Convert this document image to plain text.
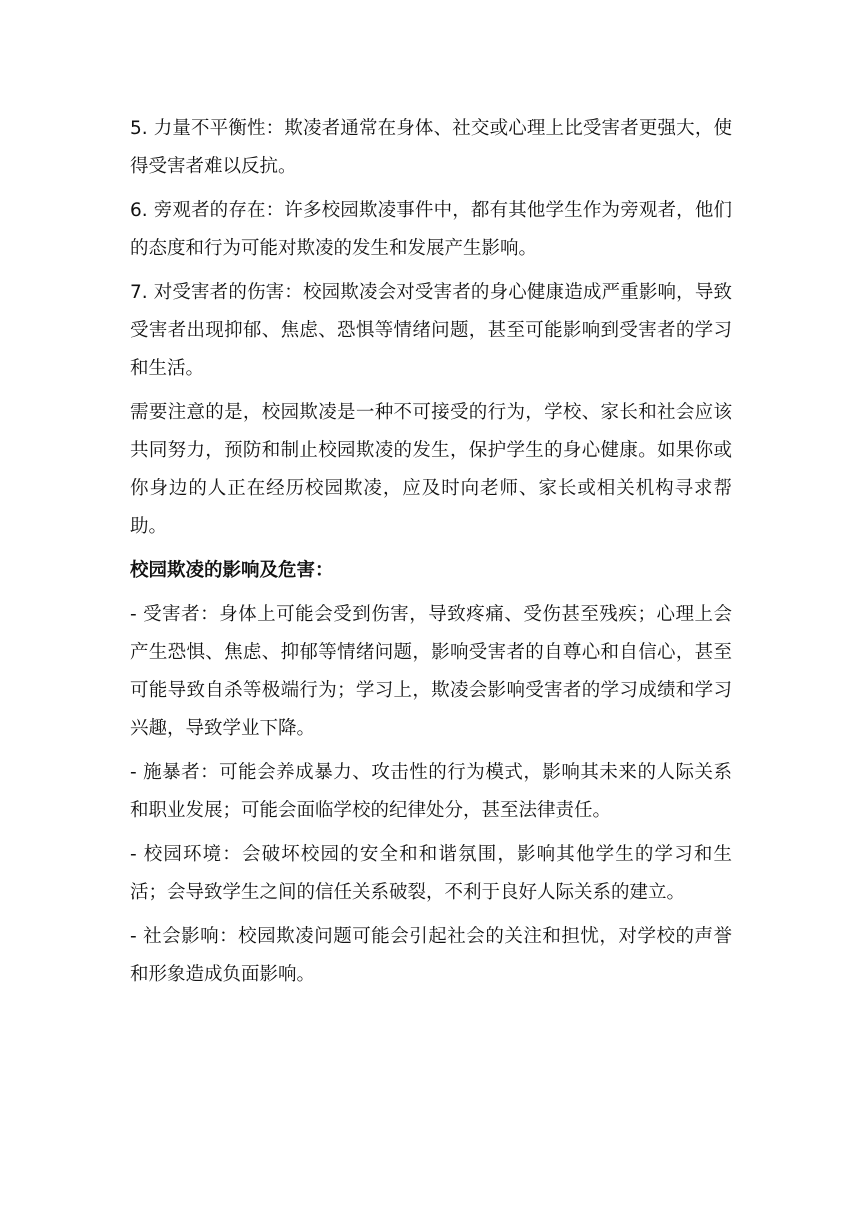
5. 力量不平衡性：欺凌者通常在身体、社交或心理上比受害者更强大，使得受害者难以反抗。

6. 旁观者的存在：许多校园欺凌事件中，都有其他学生作为旁观者，他们的态度和行为可能对欺凌的发生和发展产生影响。

7. 对受害者的伤害：校园欺凌会对受害者的身心健康造成严重影响，导致受害者出现抑郁、焦虑、恐惧等情绪问题，甚至可能影响到受害者的学习和生活。

需要注意的是，校园欺凌是一种不可接受的行为，学校、家长和社会应该共同努力，预防和制止校园欺凌的发生，保护学生的身心健康。如果你或你身边的人正在经历校园欺凌，应及时向老师、家长或相关机构寻求帮助。

校园欺凌的影响及危害：

- 受害者：身体上可能会受到伤害，导致疼痛、受伤甚至残疾；心理上会产生恐惧、焦虑、抑郁等情绪问题，影响受害者的自尊心和自信心，甚至可能导致自杀等极端行为；学习上，欺凌会影响受害者的学习成绩和学习兴趣，导致学业下降。

- 施暴者：可能会养成暴力、攻击性的行为模式，影响其未来的人际关系和职业发展；可能会面临学校的纪律处分，甚至法律责任。

- 校园环境：会破坏校园的安全和和谐氛围，影响其他学生的学习和生活；会导致学生之间的信任关系破裂，不利于良好人际关系的建立。

- 社会影响：校园欺凌问题可能会引起社会的关注和担忧，对学校的声誉和形象造成负面影响。
